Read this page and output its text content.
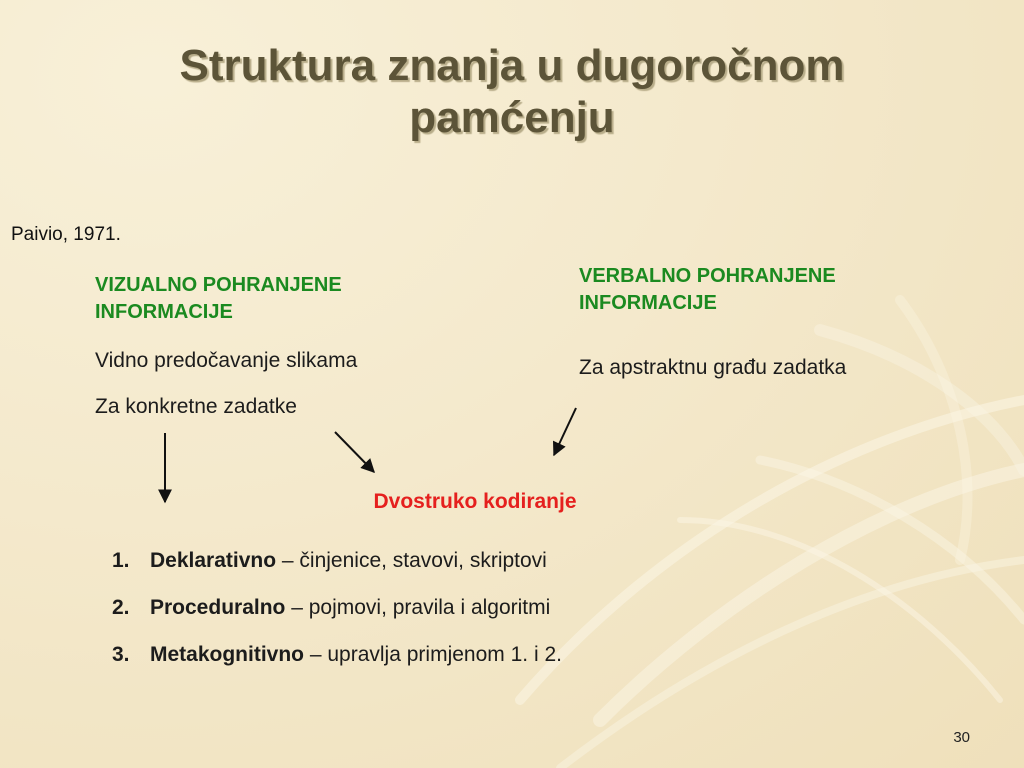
Struktura znanja u dugoročnom
pamćenju
Paivio, 1971.
VIZUALNO POHRANJENE
INFORMACIJE
Vidno predočavanje slikama
Za konkretne zadatke
VERBALNO POHRANJENE
INFORMACIJE
Za apstraktnu građu zadatka
Dvostruko kodiranje
1. Deklarativno – činjenice, stavovi, skriptovi
2. Proceduralno – pojmovi, pravila i algoritmi
3. Metakognitivno – upravlja primjenom 1. i 2.
30
